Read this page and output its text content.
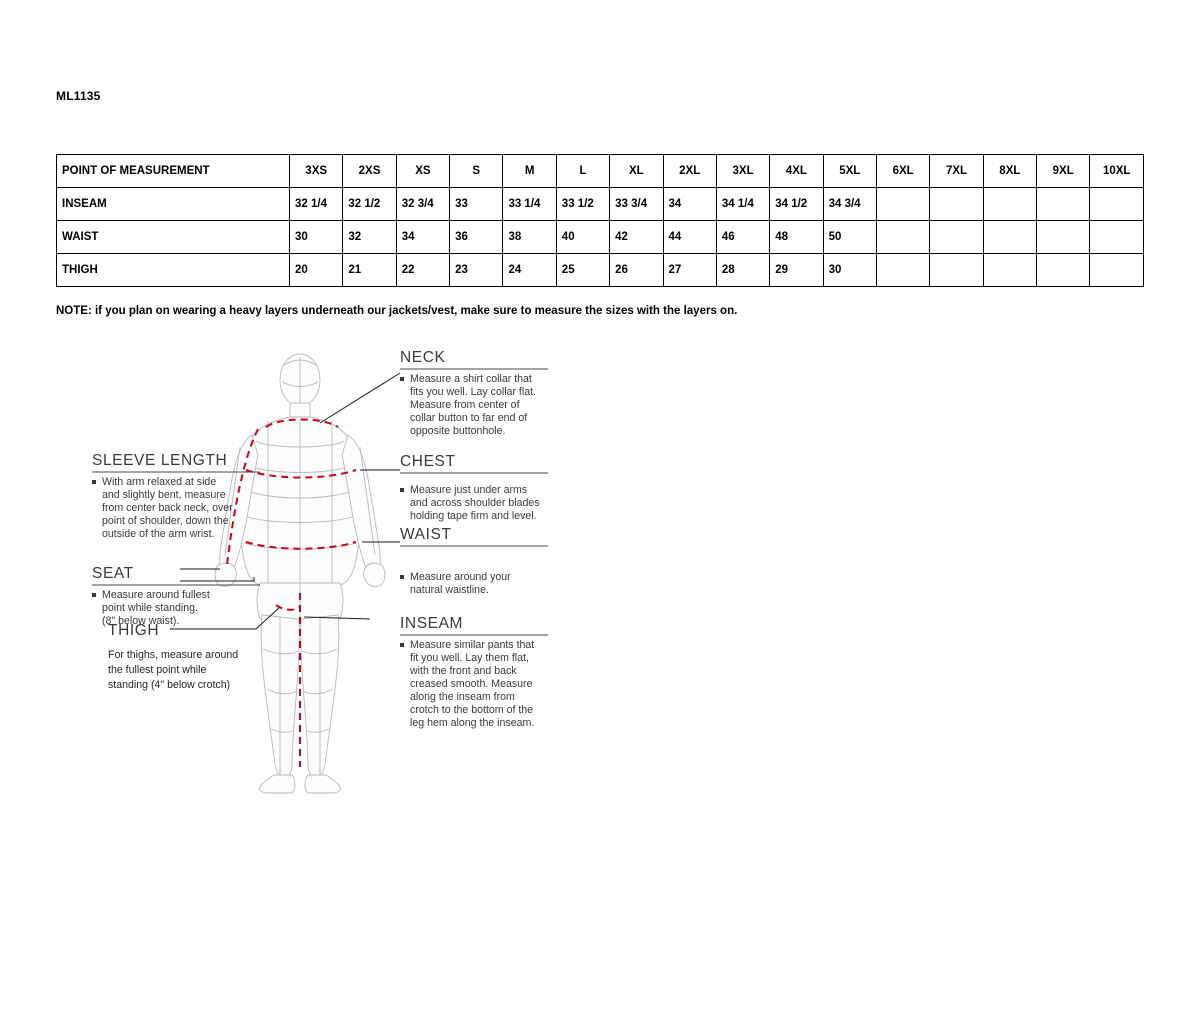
ML1135
POINT OF MEASUREMENT	3XS	2XS	XS	S	M	L	XL	2XL	3XL	4XL	5XL	6XL	7XL	8XL	9XL	10XL
INSEAM	32 1/4	32 1/2	32 3/4	33	33 1/4	33 1/2	33 3/4	34	34 1/4	34 1/2	34 3/4					
WAIST	30	32	34	36	38	40	42	44	46	48	50					
THIGH	20	21	22	23	24	25	26	27	28	29	30					
NOTE: if you plan on wearing a heavy layers underneath our jackets/vest, make sure to measure the sizes with the layers on.
NECK
Measure a shirt collar that
fits you well. Lay collar flat.
Measure from center of
collar button to far end of
opposite buttonhole.
CHEST
Measure just under arms
and across shoulder blades
holding tape firm and level.
WAIST
Measure around your
natural waistline.
INSEAM
Measure similar pants that
fit you well. Lay them flat,
with the front and back
creased smooth. Measure
along the inseam from
crotch to the bottom of the
leg hem along the inseam.
SLEEVE LENGTH
With arm relaxed at side
and slightly bent, measure
from center back neck, over
point of shoulder, down the
outside of the arm wrist.
SEAT
Measure around fullest
point while standing.
(8" below waist).
THIGH
For thighs, measure around
the fullest point while
standing (4" below crotch)
